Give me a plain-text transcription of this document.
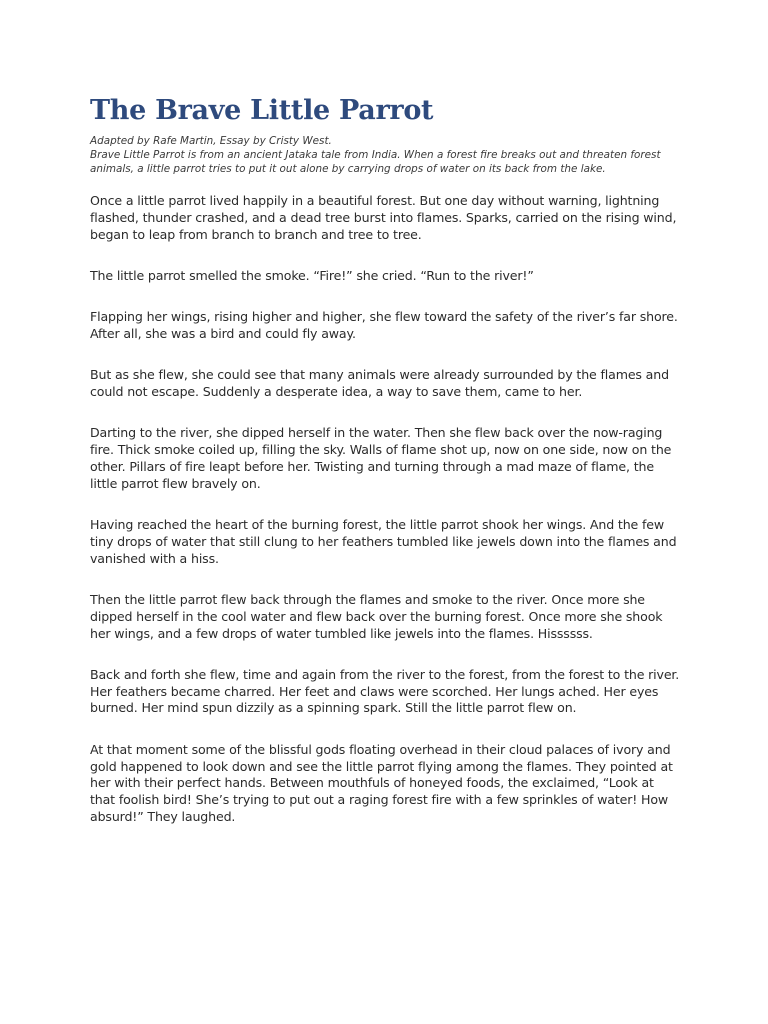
The Brave Little Parrot

Adapted by Rafe Martin, Essay by Cristy West.

Brave Little Parrot is from an ancient Jataka tale from India. When a forest fire breaks out and threaten forest animals, a little parrot tries to put it out alone by carrying drops of water on its back from the lake.

Once a little parrot lived happily in a beautiful forest. But one day without warning, lightning flashed, thunder crashed, and a dead tree burst into flames. Sparks, carried on the rising wind, began to leap from branch to branch and tree to tree.

The little parrot smelled the smoke. “Fire!” she cried. “Run to the river!”

Flapping her wings, rising higher and higher, she flew toward the safety of the river’s far shore. After all, she was a bird and could fly away.

But as she flew, she could see that many animals were already surrounded by the flames and could not escape. Suddenly a desperate idea, a way to save them, came to her.

Darting to the river, she dipped herself in the water. Then she flew back over the now-raging fire. Thick smoke coiled up, filling the sky. Walls of flame shot up, now on one side, now on the other. Pillars of fire leapt before her. Twisting and turning through a mad maze of flame, the little parrot flew bravely on.

Having reached the heart of the burning forest, the little parrot shook her wings. And the few tiny drops of water that still clung to her feathers tumbled like jewels down into the flames and vanished with a hiss.

Then the little parrot flew back through the flames and smoke to the river. Once more she dipped herself in the cool water and flew back over the burning forest. Once more she shook her wings, and a few drops of water tumbled like jewels into the flames. Hissssss.

Back and forth she flew, time and again from the river to the forest, from the forest to the river. Her feathers became charred. Her feet and claws were scorched. Her lungs ached. Her eyes burned. Her mind spun dizzily as a spinning spark. Still the little parrot flew on.

At that moment some of the blissful gods floating overhead in their cloud palaces of ivory and gold happened to look down and see the little parrot flying among the flames. They pointed at her with their perfect hands. Between mouthfuls of honeyed foods, the exclaimed, “Look at that foolish bird! She’s trying to put out a raging forest fire with a few sprinkles of water! How absurd!” They laughed.
